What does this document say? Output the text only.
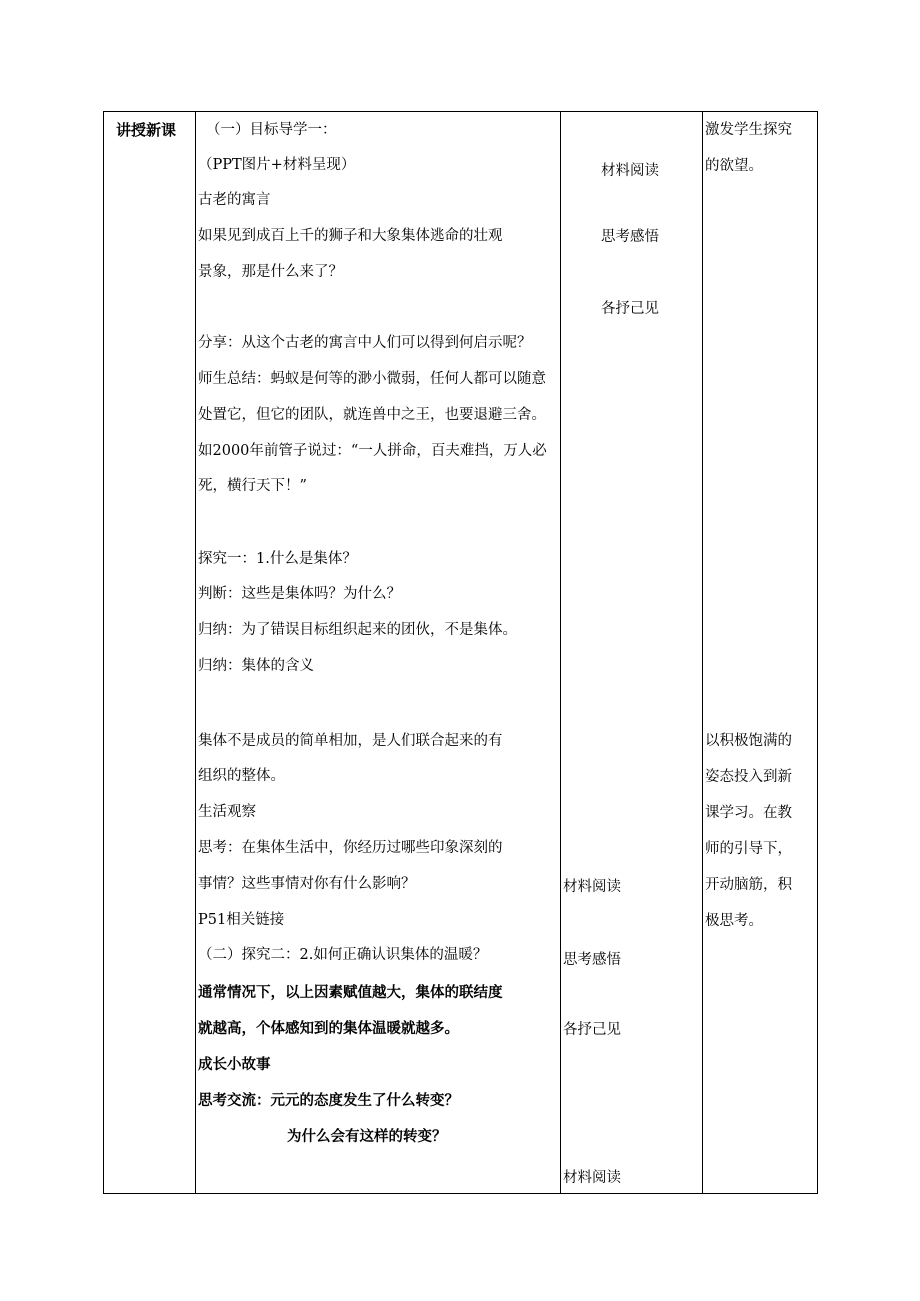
讲授新课 （一）目标导学一：
（PPT图片+材料呈现）
古老的寓言
如果见到成百上千的狮子和大象集体逃命的壮观
景象，那是什么来了？
分享：从这个古老的寓言中人们可以得到何启示呢？
师生总结：蚂蚁是何等的渺小微弱，任何人都可以随意
处置它，但它的团队，就连兽中之王，也要退避三舍。
如2000年前管子说过：“一人拼命，百夫难挡，万人必
死，横行天下！”
探究一：1.什么是集体？
判断：这些是集体吗？为什么？
归纳：为了错误目标组织起来的团伙，不是集体。
归纳：集体的含义
集体不是成员的简单相加，是人们联合起来的有
组织的整体。
生活观察
思考：在集体生活中，你经历过哪些印象深刻的
事情？这些事情对你有什么影响？
P51相关链接
（二）探究二：2.如何正确认识集体的温暖？
通常情况下，以上因素赋值越大，集体的联结度
就越高，个体感知到的集体温暖就越多。
成长小故事
思考交流：元元的态度发生了什么转变？
为什么会有这样的转变？
材料阅读
思考感悟
各抒己见
材料阅读
思考感悟
各抒己见
材料阅读
激发学生探究
的欲望。
以积极饱满的
姿态投入到新
课学习。在教
师的引导下，
开动脑筋，积
极思考。
